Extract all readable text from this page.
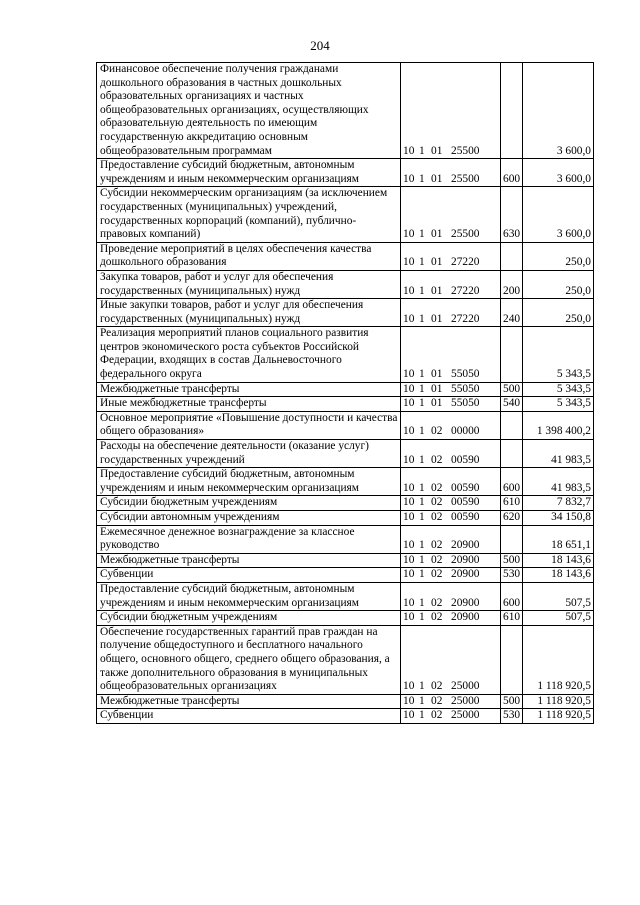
204
Финансовое обеспечение получения гражданами дошкольного образования в частных дошкольных образовательных организациях и частных общеобразовательных организациях, осуществляющих образовательную деятельность по имеющим государственную аккредитацию основным общеобразовательным программам	10 1 01 25500		3 600,0
Предоставление субсидий бюджетным, автономным учреждениям и иным некоммерческим организациям	10 1 01 25500	600	3 600,0
Субсидии некоммерческим организациям (за исключением государственных (муниципальных) учреждений, государственных корпораций (компаний), публично-правовых компаний)	10 1 01 25500	630	3 600,0
Проведение мероприятий в целях обеспечения качества дошкольного образования	10 1 01 27220		250,0
Закупка товаров, работ и услуг для обеспечения государственных (муниципальных) нужд	10 1 01 27220	200	250,0
Иные закупки товаров, работ и услуг для обеспечения государственных (муниципальных) нужд	10 1 01 27220	240	250,0
Реализация мероприятий планов социального развития центров экономического роста субъектов Российской Федерации, входящих в состав Дальневосточного федерального округа	10 1 01 55050		5 343,5
Межбюджетные трансферты	10 1 01 55050	500	5 343,5
Иные межбюджетные трансферты	10 1 01 55050	540	5 343,5
Основное мероприятие «Повышение доступности и качества общего образования»	10 1 02 00000		1 398 400,2
Расходы на обеспечение деятельности (оказание услуг) государственных учреждений	10 1 02 00590		41 983,5
Предоставление субсидий бюджетным, автономным учреждениям и иным некоммерческим организациям	10 1 02 00590	600	41 983,5
Субсидии бюджетным учреждениям	10 1 02 00590	610	7 832,7
Субсидии автономным учреждениям	10 1 02 00590	620	34 150,8
Ежемесячное денежное вознаграждение за классное руководство	10 1 02 20900		18 651,1
Межбюджетные трансферты	10 1 02 20900	500	18 143,6
Субвенции	10 1 02 20900	530	18 143,6
Предоставление субсидий бюджетным, автономным учреждениям и иным некоммерческим организациям	10 1 02 20900	600	507,5
Субсидии бюджетным учреждениям	10 1 02 20900	610	507,5
Обеспечение государственных гарантий прав граждан на получение общедоступного и бесплатного начального общего, основного общего, среднего общего образования, а также дополнительного образования в муниципальных общеобразовательных организациях	10 1 02 25000		1 118 920,5
Межбюджетные трансферты	10 1 02 25000	500	1 118 920,5
Субвенции	10 1 02 25000	530	1 118 920,5
